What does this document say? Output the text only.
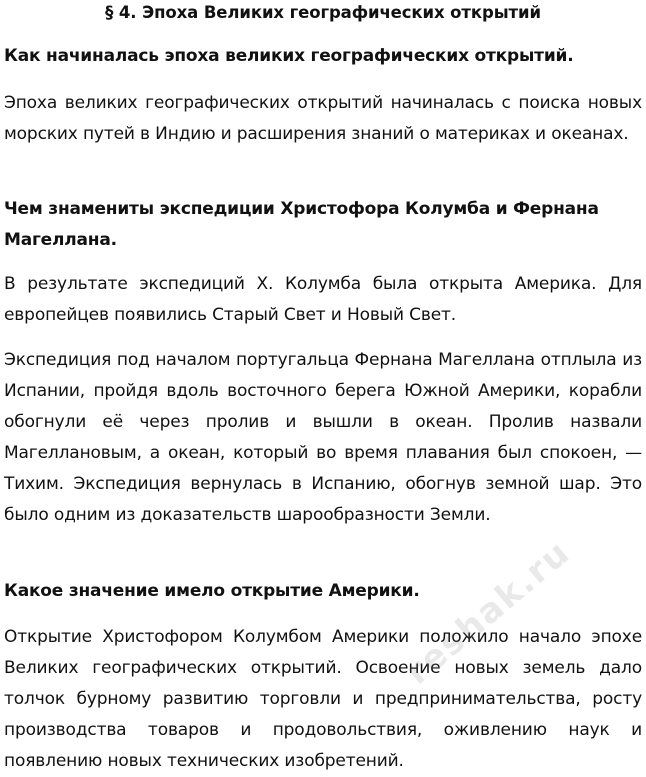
§ 4. Эпоха Великих географических открытий
Как начиналась эпоха великих географических открытий.
Эпоха великих географических открытий начиналась с поиска новых морских путей в Индию и расширения знаний о материках и океанах.
Чем знамениты экспедиции Христофора Колумба и Фернана Магеллана.
В результате экспедиций Х. Колумба была открыта Америка. Для европейцев появились Старый Свет и Новый Свет.
Экспедиция под началом португальца Фернана Магеллана отплыла из Испании, пройдя вдоль восточного берега Южной Америки, корабли обогнули её через пролив и вышли в океан. Пролив назвали Магеллановым, а океан, который во время плавания был спокоен, — Тихим. Экспедиция вернулась в Испанию, обогнув земной шар. Это было одним из доказательств шарообразности Земли.
Какое значение имело открытие Америки.
Открытие Христофором Колумбом Америки положило начало эпохе Великих географических открытий. Освоение новых земель дало толчок бурному развитию торговли и предпринимательства, росту производства товаров и продовольствия, оживлению наук и появлению новых технических изобретений.
reshak.ru
